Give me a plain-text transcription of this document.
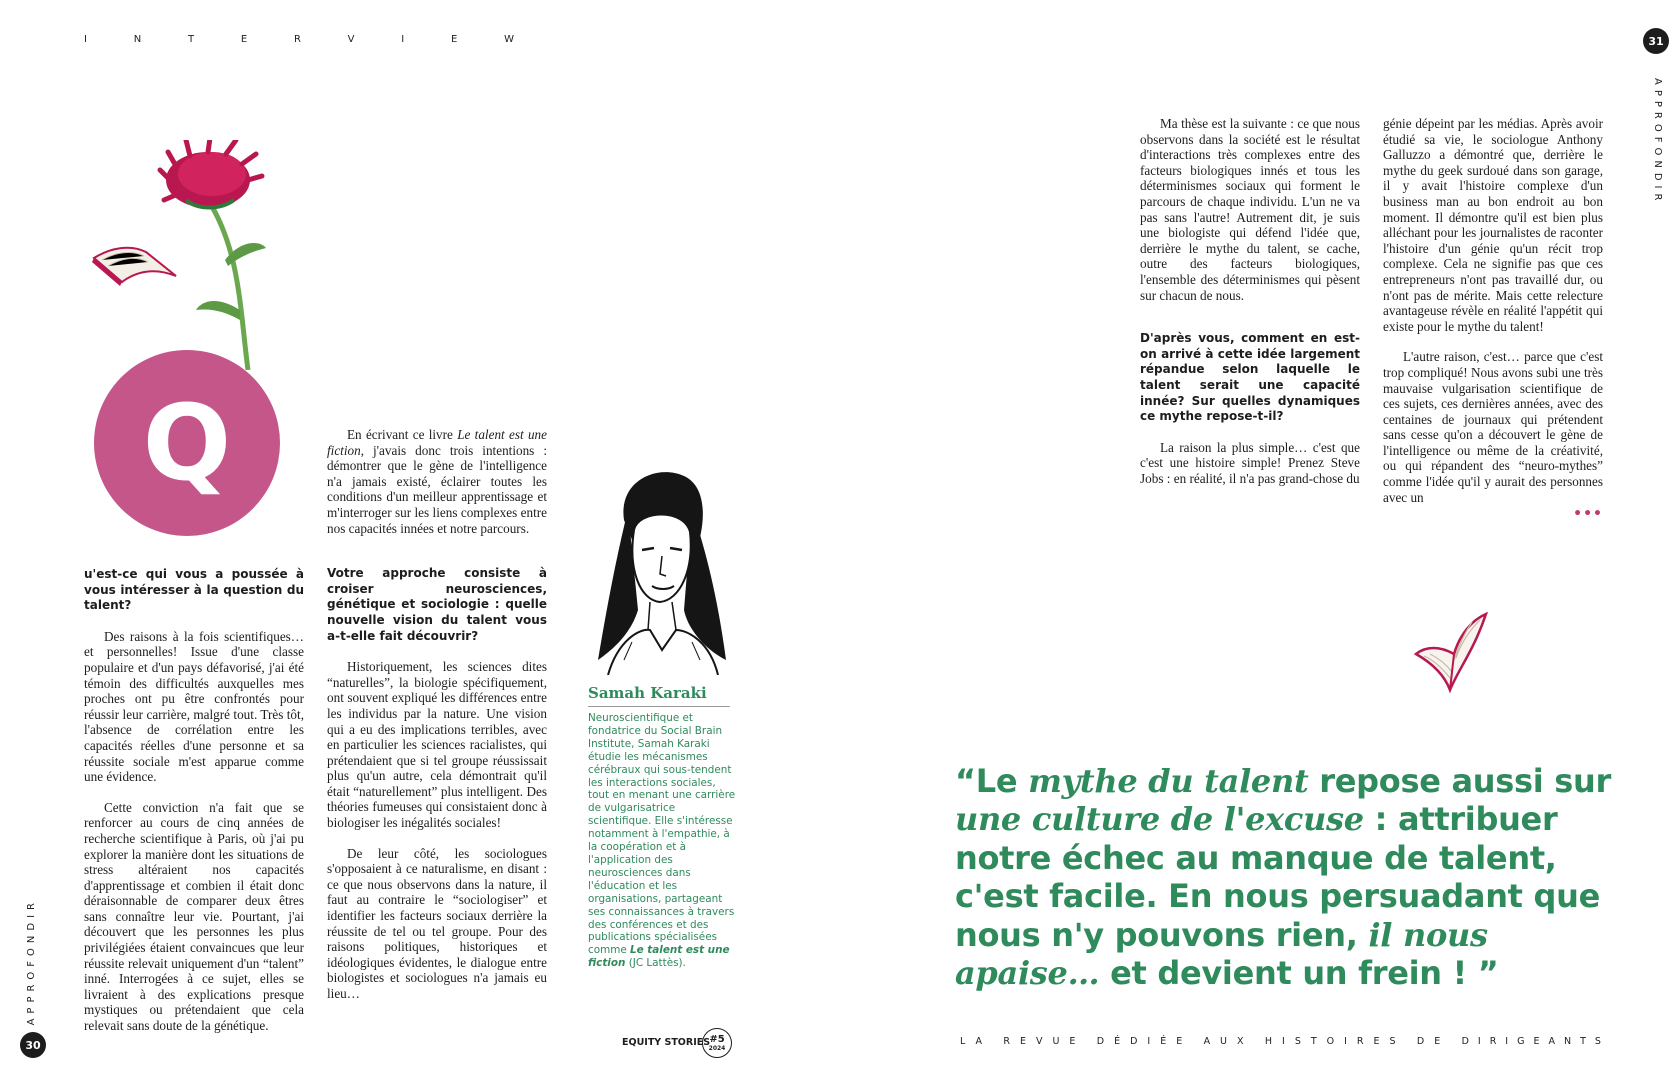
I	N	T	E	R	V	I	E	W	31
APPROFONDIR
APPROFONDIR
30
Q
u'est-ce qui vous a poussée à vous intéresser à la question du talent?

Des raisons à la fois scientifiques… et personnelles! Issue d'une classe populaire et d'un pays défavorisé, j'ai été témoin des difficultés auxquelles mes proches ont pu être confrontés pour réussir leur carrière, malgré tout. Très tôt, l'absence de corrélation entre les capacités réelles d'une personne et sa réussite sociale m'est apparue comme une évidence.

Cette conviction n'a fait que se renforcer au cours de cinq années de recherche scientifique à Paris, où j'ai pu explorer la manière dont les situations de stress altéraient nos capacités d'apprentissage et combien il était donc déraisonnable de comparer deux êtres sans connaître leur vie. Pourtant, j'ai découvert que les personnes les plus privilégiées étaient convaincues que leur réussite relevait uniquement d'un “talent” inné. Interrogées à ce sujet, elles se livraient à des explications presque mystiques ou prétendaient que cela relevait sans doute de la génétique.

En écrivant ce livre Le talent est une fiction, j'avais donc trois intentions : démontrer que le gène de l'intelligence n'a jamais existé, éclairer toutes les conditions d'un meilleur apprentissage et m'interroger sur les liens complexes entre nos capacités innées et notre parcours.

Votre approche consiste à croiser neurosciences, génétique et sociologie : quelle nouvelle vision du talent vous a-t-elle fait découvrir?

Historiquement, les sciences dites “naturelles”, la biologie spécifiquement, ont souvent expliqué les différences entre les individus par la nature. Une vision qui a eu des implications terribles, avec en particulier les sciences racialistes, qui prétendaient que si tel groupe réussissait plus qu'un autre, cela démontrait qu'il était “naturellement” plus intelligent. Des théories fumeuses qui consistaient donc à biologiser les inégalités sociales!

De leur côté, les sociologues s'opposaient à ce naturalisme, en disant : ce que nous observons dans la nature, il faut au contraire le “sociologiser” et identifier les facteurs sociaux derrière la réussite de tel ou tel groupe. Pour des raisons politiques, historiques et idéologiques évidentes, le dialogue entre biologistes et sociologues n'a jamais eu lieu…

Samah Karaki
Neuroscientifique et fondatrice du Social Brain Institute, Samah Karaki étudie les mécanismes cérébraux qui sous-tendent les interactions sociales, tout en menant une carrière de vulgarisatrice scientifique. Elle s'intéresse notamment à l'empathie, à la coopération et à l'application des neurosciences dans l'éducation et les organisations, partageant ses connaissances à travers des conférences et des publications spécialisées comme Le talent est une fiction (JC Lattès).

Ma thèse est la suivante : ce que nous observons dans la société est le résultat d'interactions très complexes entre des facteurs biologiques innés et tous les déterminismes sociaux qui forment le parcours de chaque individu. L'un ne va pas sans l'autre! Autrement dit, je suis une biologiste qui défend l'idée que, derrière le mythe du talent, se cache, outre des facteurs biologiques, l'ensemble des déterminismes qui pèsent sur chacun de nous.

D'après vous, comment en est-on arrivé à cette idée largement répandue selon laquelle le talent serait une capacité innée? Sur quelles dynamiques ce mythe repose-t-il?

La raison la plus simple… c'est que c'est une histoire simple! Prenez Steve Jobs : en réalité, il n'a pas grand-chose du

génie dépeint par les médias. Après avoir étudié sa vie, le sociologue Anthony Galluzzo a démontré que, derrière le mythe du geek surdoué dans son garage, il y avait l'histoire complexe d'un business man au bon endroit au bon moment. Il démontre qu'il est bien plus alléchant pour les journalistes de raconter l'histoire d'un génie qu'un récit trop complexe. Cela ne signifie pas que ces entrepreneurs n'ont pas travaillé dur, ou n'ont pas de mérite. Mais cette relecture avantageuse révèle en réalité l'appétit qui existe pour le mythe du talent!

L'autre raison, c'est… parce que c'est trop compliqué! Nous avons subi une très mauvaise vulgarisation scientifique de ces sujets, ces dernières années, avec des centaines de journaux qui prétendent sans cesse qu'on a découvert le gène de l'intelligence ou même de la créativité, ou qui répandent des “neuro-mythes” comme l'idée qu'il y aurait des personnes avec un

•••
“Le mythe du talent repose aussi sur une culture de l'excuse : attribuer notre échec au manque de talent, c'est facile. En nous persuadant que nous n'y pouvons rien, il nous apaise… et devient un frein ! ”
EQUITY STORIES #5
2024
LA REVUE DÉDIÉE AUX HISTOIRES DE DIRIGEANTS
